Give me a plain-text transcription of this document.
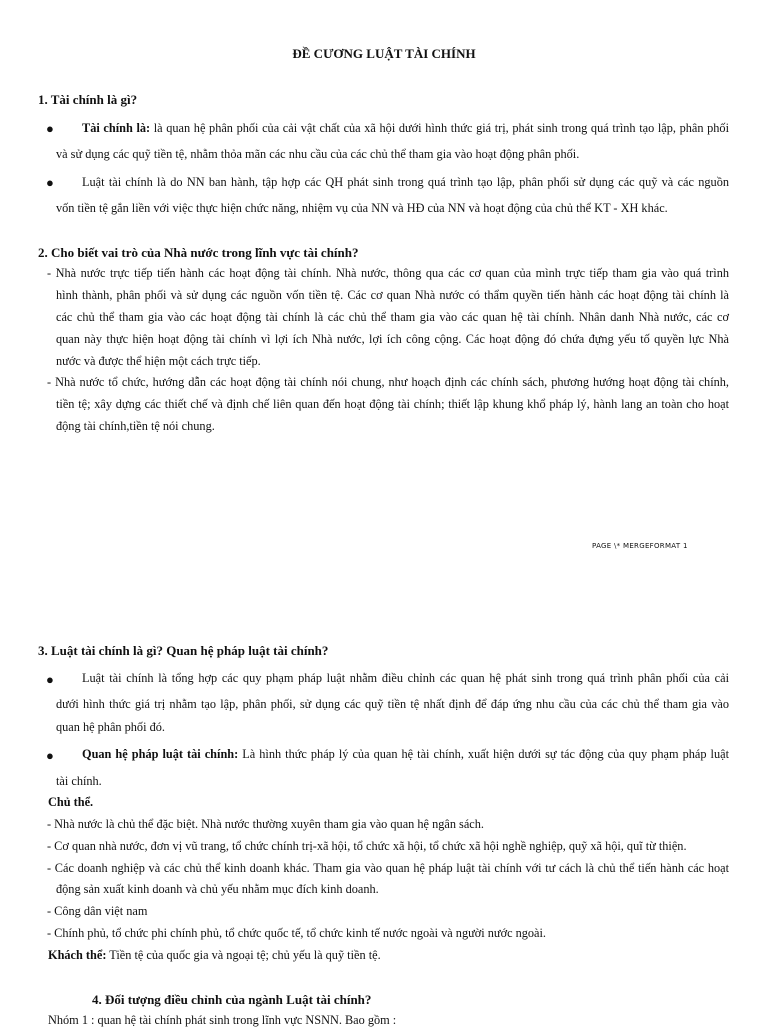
ĐỀ CƯƠNG LUẬT TÀI CHÍNH
1. Tài chính là gì?
● Tài chính là: là quan hệ phân phối của cải vật chất của xã hội dưới hình thức giá trị, phát sinh trong quá trình tạo lập, phân phối
và sử dụng các quỹ tiền tệ, nhằm thỏa mãn các nhu cầu của các chủ thể tham gia vào hoạt động phân phối.
● Luật tài chính là do NN ban hành, tập hợp các QH phát sinh trong quá trình tạo lập, phân phối sử dụng các quỹ và các nguồn
vốn tiền tệ gắn liền với việc thực hiện chức năng, nhiệm vụ của NN và HĐ của NN và hoạt động của chủ thể KT - XH khác.
2. Cho biết vai trò của Nhà nước trong lĩnh vực tài chính?
- Nhà nước trực tiếp tiến hành các hoạt động tài chính. Nhà nước, thông qua các cơ quan của mình trực tiếp tham gia vào quá trình
hình thành, phân phối và sử dụng các nguồn vốn tiền tệ. Các cơ quan Nhà nước có thẩm quyền tiến hành các hoạt động tài chính là
các chủ thể tham gia vào các hoạt động tài chính là các chủ thể tham gia vào các quan hệ tài chính. Nhân danh Nhà nước, các cơ
quan này thực hiện hoạt động tài chính vì lợi ích Nhà nước, lợi ích công cộng. Các hoạt động đó chứa đựng yếu tố quyền lực Nhà
nước và được thể hiện một cách trực tiếp.
- Nhà nước tổ chức, hướng dẫn các hoạt động tài chính nói chung, như hoạch định các chính sách, phương hướng hoạt động tài chính,
tiền tệ; xây dựng các thiết chế và định chế liên quan đến hoạt động tài chính; thiết lập khung khổ pháp lý, hành lang an toàn cho hoạt
động tài chính,tiền tệ nói chung.
PAGE \* MERGEFORMAT 1
3. Luật tài chính là gì? Quan hệ pháp luật tài chính?
● Luật tài chính là tổng hợp các quy phạm pháp luật nhằm điều chỉnh các quan hệ phát sinh trong quá trình phân phối của cải
dưới hình thức giá trị nhằm tạo lập, phân phối, sử dụng các quỹ tiền tệ nhất định để đáp ứng nhu cầu của các chủ thể tham gia vào
quan hệ phân phối đó.
● Quan hệ pháp luật tài chính: Là hình thức pháp lý của quan hệ tài chính, xuất hiện dưới sự tác động của quy phạm pháp luật
tài chính.
Chủ thể.
- Nhà nước là chủ thể đặc biệt. Nhà nước thường xuyên tham gia vào quan hệ ngân sách.
- Cơ quan nhà nước, đơn vị vũ trang, tổ chức chính trị-xã hội, tổ chức xã hội, tổ chức xã hội nghề nghiệp, quỹ xã hội, quĩ từ thiện.
- Các doanh nghiệp và các chủ thể kinh doanh khác. Tham gia vào quan hệ pháp luật tài chính với tư cách là chủ thể tiến hành các hoạt
động sản xuất kinh doanh và chủ yếu nhằm mục đích kinh doanh.
- Công dân việt nam
- Chính phủ, tổ chức phi chính phủ, tổ chức quốc tế, tổ chức kinh tế nước ngoài và người nước ngoài.
Khách thể: Tiền tệ của quốc gia và ngoại tệ; chủ yếu là quỹ tiền tệ.
4. Đối tượng điều chỉnh của ngành Luật tài chính?
Nhóm 1 : quan hệ tài chính phát sinh trong lĩnh vực NSNN. Bao gồm :
